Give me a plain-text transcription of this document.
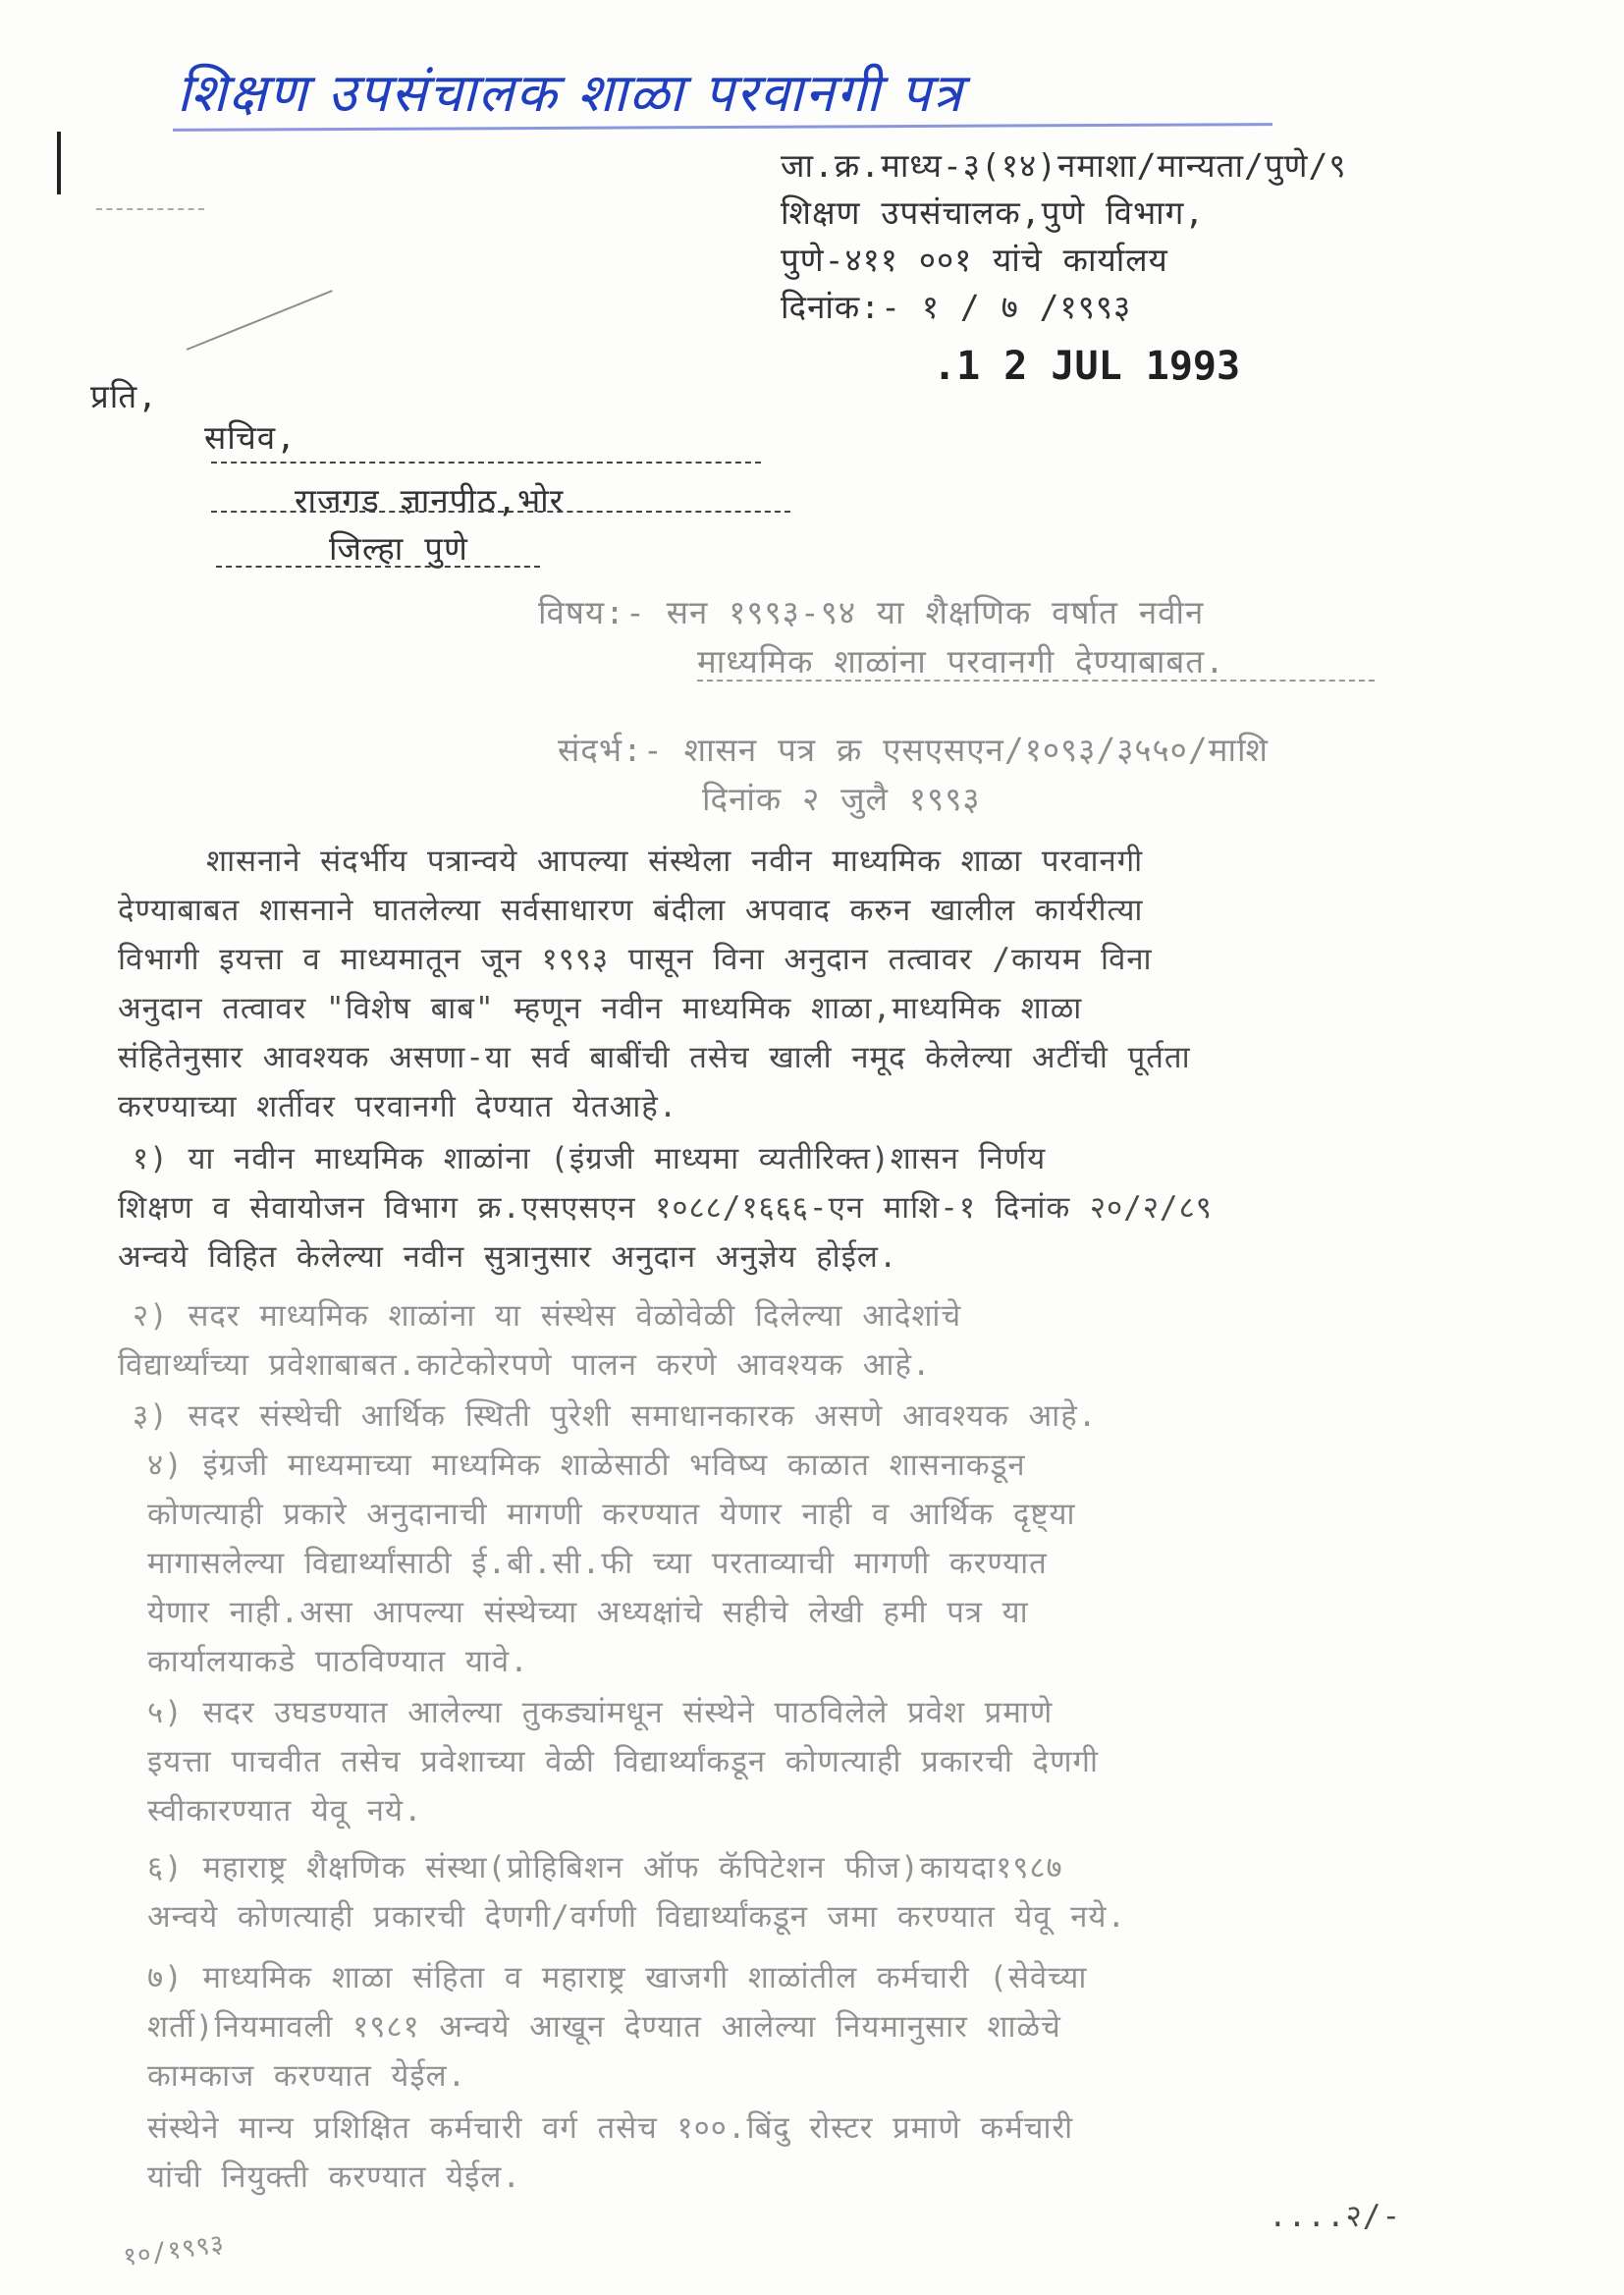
शिक्षण उपसंचालक शाळा परवानगी पत्र
जा.क्र.माध्य-३(१४)नमाशा/मान्यता/पुणे/९
शिक्षण उपसंचालक,पुणे विभाग,
पुणे-४११ ००१ यांचे कार्यालय
दिनांक:- १ / ७ /१९९३
.1 2 JUL 1993
प्रति,
सचिव,
राजगड ज्ञानपीठ,भोर
जिल्हा पुणे
विषय:- सन १९९३-९४ या शैक्षणिक वर्षात नवीन
माध्यमिक शाळांना परवानगी देण्याबाबत.
संदर्भ:- शासन पत्र क्र एसएसएन/१०९३/३५५०/माशि
दिनांक २ जुलै १९९३
शासनाने संदर्भीय पत्रान्वये आपल्या संस्थेला नवीन माध्यमिक शाळा परवानगी
देण्याबाबत शासनाने घातलेल्या सर्वसाधारण बंदीला अपवाद करुन खालील कार्यरीत्या
विभागी इयत्ता व माध्यमातून जून १९९३ पासून विना अनुदान तत्वावर /कायम विना
अनुदान तत्वावर "विशेष बाब" म्हणून नवीन माध्यमिक शाळा,माध्यमिक शाळा
संहितेनुसार आवश्यक असणा-या सर्व बाबींची तसेच खाली नमूद केलेल्या अटींची पूर्तता
करण्याच्या शर्तीवर परवानगी देण्यात येतआहे.
१) या नवीन माध्यमिक शाळांना (इंग्रजी माध्यमा व्यतीरिक्त)शासन निर्णय
शिक्षण व सेवायोजन विभाग क्र.एसएसएन १०८८/१६६६-एन माशि-१ दिनांक २०/२/८९
अन्वये विहित केलेल्या नवीन सुत्रानुसार अनुदान अनुज्ञेय होईल.
२) सदर माध्यमिक शाळांना या संस्थेस वेळोवेळी दिलेल्या आदेशांचे
विद्यार्थ्यांच्या प्रवेशाबाबत.काटेकोरपणे पालन करणे आवश्यक आहे.
३) सदर संस्थेची आर्थिक स्थिती पुरेशी समाधानकारक असणे आवश्यक आहे.
४) इंग्रजी माध्यमाच्या माध्यमिक शाळेसाठी भविष्य काळात शासनाकडून
कोणत्याही प्रकारे अनुदानाची मागणी करण्यात येणार नाही व आर्थिक दृष्ट्या
मागासलेल्या विद्यार्थ्यांसाठी ई.बी.सी.फी च्या परताव्याची मागणी करण्यात
येणार नाही.असा आपल्या संस्थेच्या अध्यक्षांचे सहीचे लेखी हमी पत्र या
कार्यालयाकडे पाठविण्यात यावे.
५) सदर उघडण्यात आलेल्या तुकड्यांमधून संस्थेने पाठविलेले प्रवेश प्रमाणे
इयत्ता पाचवीत तसेच प्रवेशाच्या वेळी विद्यार्थ्यांकडून कोणत्याही प्रकारची देणगी
स्वीकारण्यात येवू नये.
६) महाराष्ट्र शैक्षणिक संस्था(प्रोहिबिशन ऑफ कॅपिटेशन फीज)कायदा१९८७
अन्वये कोणत्याही प्रकारची देणगी/वर्गणी विद्यार्थ्यांकडून जमा करण्यात येवू नये.
७) माध्यमिक शाळा संहिता व महाराष्ट्र खाजगी शाळांतील कर्मचारी (सेवेच्या
शर्ती)नियमावली १९८१ अन्वये आखून देण्यात आलेल्या नियमानुसार शाळेचे
कामकाज करण्यात येईल.
संस्थेने मान्य प्रशिक्षित कर्मचारी वर्ग तसेच १००.बिंदु रोस्टर प्रमाणे कर्मचारी
यांची नियुक्ती करण्यात येईल.
....२/-
१०/१९९३
